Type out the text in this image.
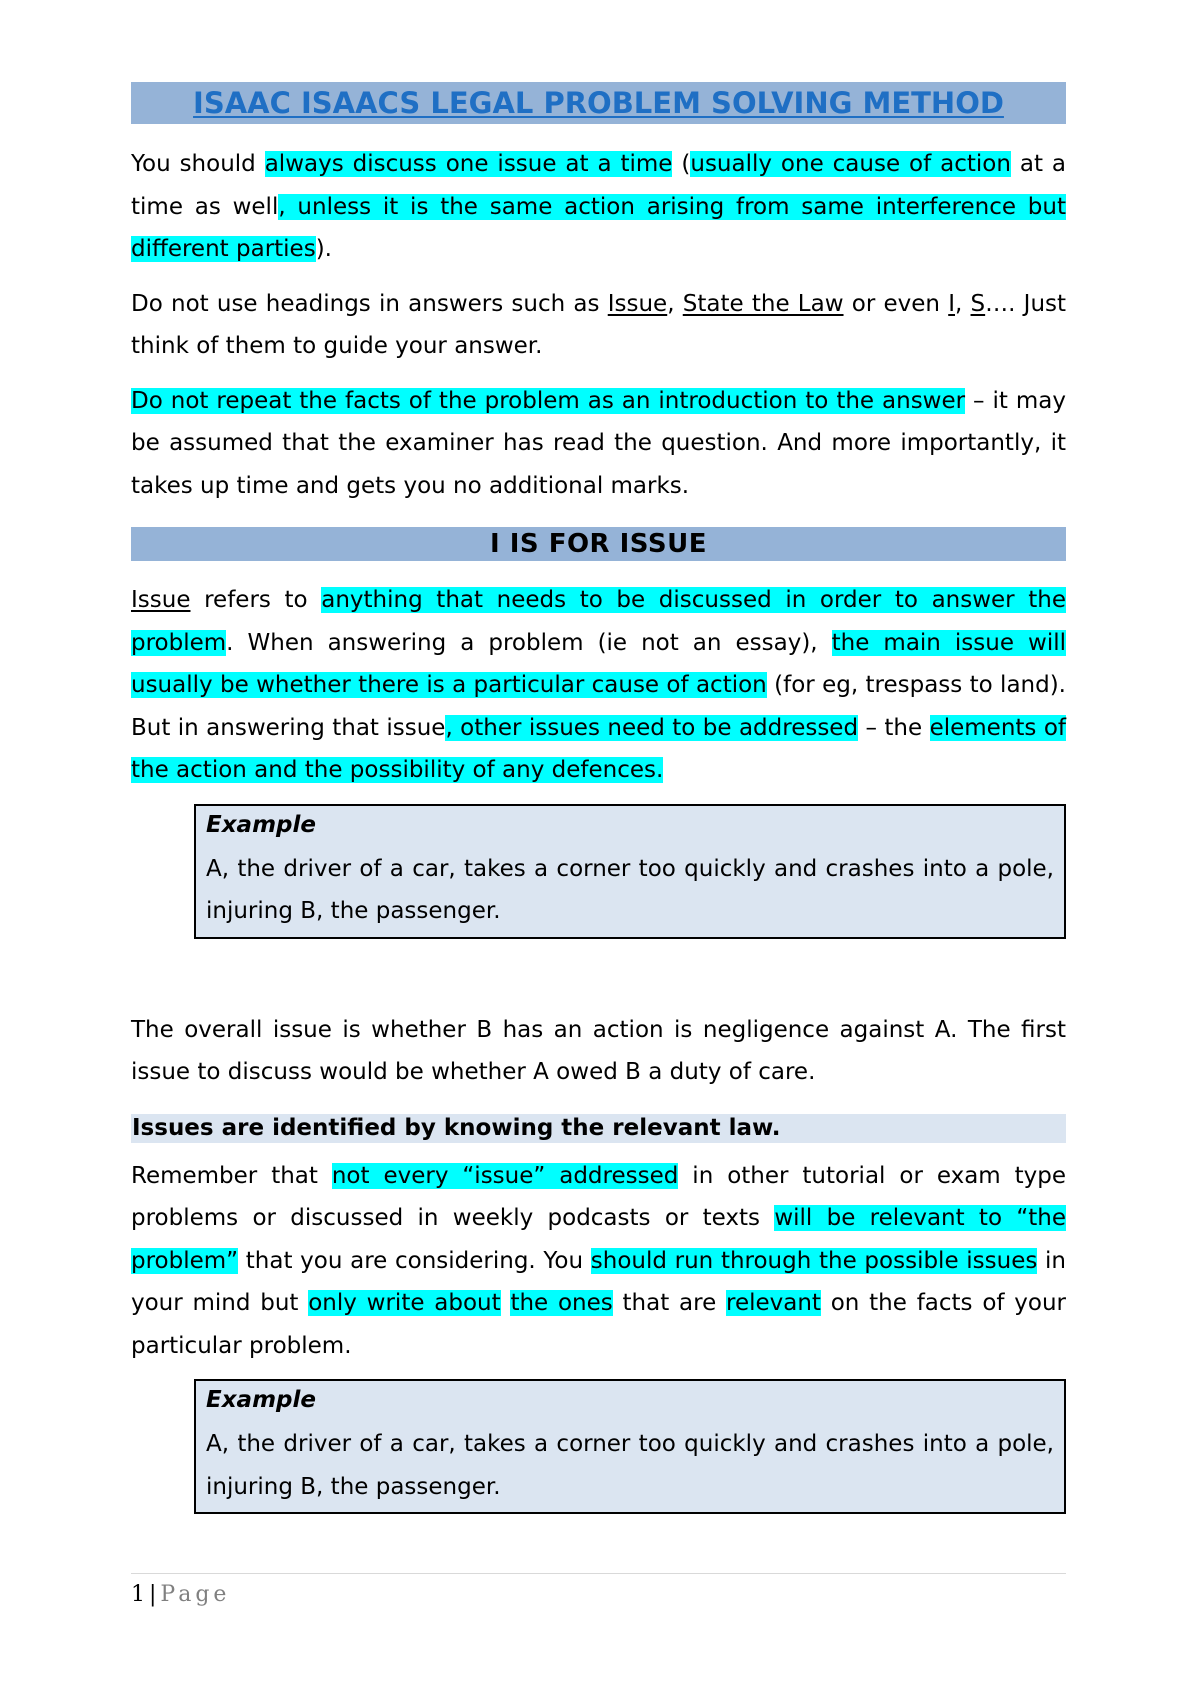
ISAAC ISAACS LEGAL PROBLEM SOLVING METHOD

You should always discuss one issue at a time (usually one cause of action at a time as well, unless it is the same action arising from same interference but different parties).

Do not use headings in answers such as Issue, State the Law or even I, S…. Just think of them to guide your answer.

Do not repeat the facts of the problem as an introduction to the answer – it may be assumed that the examiner has read the question. And more importantly, it takes up time and gets you no additional marks.

I IS FOR ISSUE

Issue refers to anything that needs to be discussed in order to answer the problem. When answering a problem (ie not an essay), the main issue will usually be whether there is a particular cause of action (for eg, trespass to land). But in answering that issue, other issues need to be addressed – the elements of the action and the possibility of any defences.

Example

A, the driver of a car, takes a corner too quickly and crashes into a pole, injuring B, the passenger.

The overall issue is whether B has an action is negligence against A. The first issue to discuss would be whether A owed B a duty of care.

Issues are identified by knowing the relevant law.

Remember that not every “issue” addressed in other tutorial or exam type problems or discussed in weekly podcasts or texts will be relevant to “the problem” that you are considering. You should run through the possible issues in your mind but only write about the ones that are relevant on the facts of your particular problem.

Example

A, the driver of a car, takes a corner too quickly and crashes into a pole, injuring B, the passenger.

1 | Page
